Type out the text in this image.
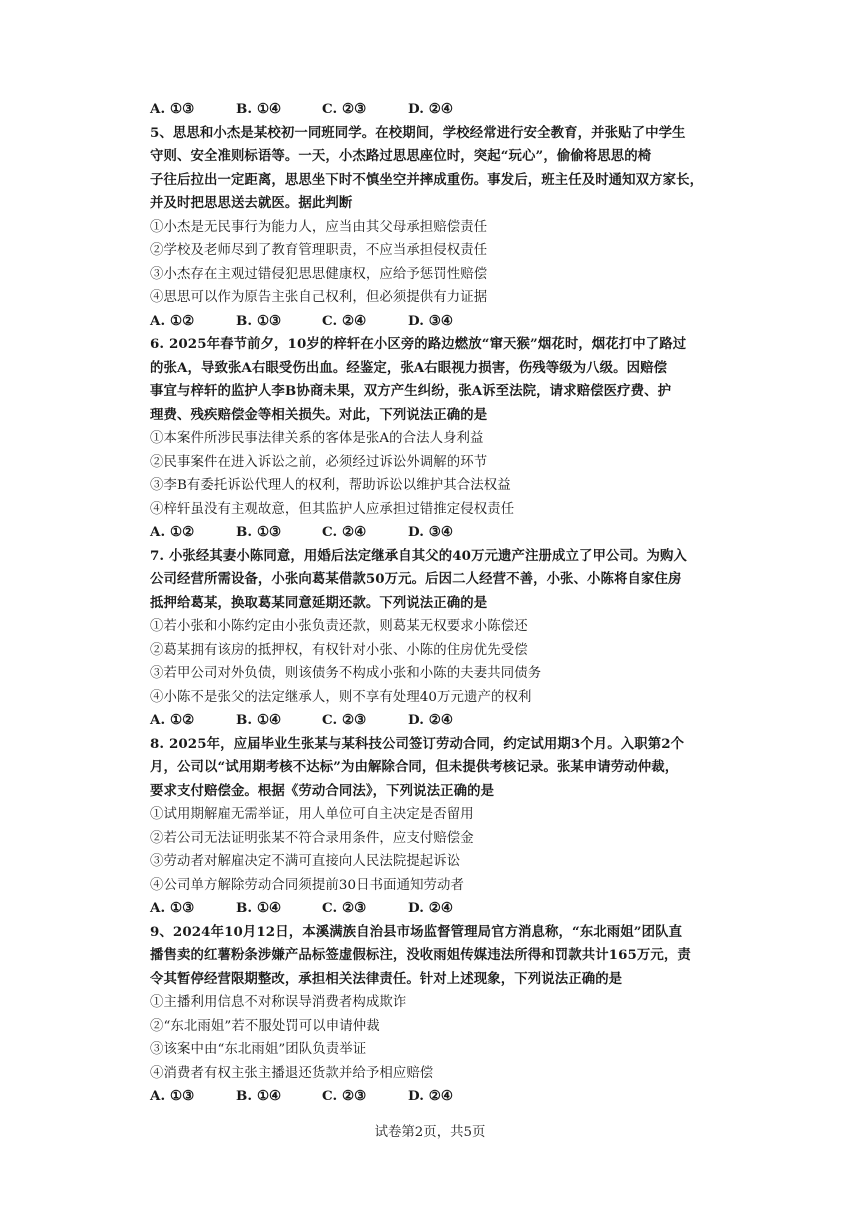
A. ①③	B. ①④	C. ②③	D. ②④
5、思思和小杰是某校初一同班同学。在校期间，学校经常进行安全教育，并张贴了中学生
守则、安全准则标语等。一天，小杰路过思思座位时，突起“玩心”，偷偷将思思的椅
子往后拉出一定距离，思思坐下时不慎坐空并摔成重伤。事发后，班主任及时通知双方家长，
并及时把思思送去就医。据此判断
①小杰是无民事行为能力人，应当由其父母承担赔偿责任
②学校及老师尽到了教育管理职责，不应当承担侵权责任
③小杰存在主观过错侵犯思思健康权，应给予惩罚性赔偿
④思思可以作为原告主张自己权利，但必须提供有力证据
A. ①②	B. ①③	C. ②④	D. ③④
6. 2025年春节前夕，10岁的梓轩在小区旁的路边燃放“窜天猴”烟花时，烟花打中了路过
的张A，导致张A右眼受伤出血。经鉴定，张A右眼视力损害，伤残等级为八级。因赔偿
事宜与梓轩的监护人李B协商未果，双方产生纠纷，张A诉至法院，请求赔偿医疗费、护
理费、残疾赔偿金等相关损失。对此，下列说法正确的是
①本案件所涉民事法律关系的客体是张A的合法人身利益
②民事案件在进入诉讼之前，必须经过诉讼外调解的环节
③李B有委托诉讼代理人的权利，帮助诉讼以维护其合法权益
④梓轩虽没有主观故意，但其监护人应承担过错推定侵权责任
A. ①②	B. ①③	C. ②④	D. ③④
7. 小张经其妻小陈同意，用婚后法定继承自其父的40万元遗产注册成立了甲公司。为购入
公司经营所需设备，小张向葛某借款50万元。后因二人经营不善，小张、小陈将自家住房
抵押给葛某，换取葛某同意延期还款。下列说法正确的是
①若小张和小陈约定由小张负责还款，则葛某无权要求小陈偿还
②葛某拥有该房的抵押权，有权针对小张、小陈的住房优先受偿
③若甲公司对外负债，则该债务不构成小张和小陈的夫妻共同债务
④小陈不是张父的法定继承人，则不享有处理40万元遗产的权利
A. ①②	B. ①④	C. ②③	D. ②④
8. 2025年，应届毕业生张某与某科技公司签订劳动合同，约定试用期3个月。入职第2个
月，公司以“试用期考核不达标”为由解除合同，但未提供考核记录。张某申请劳动仲裁，
要求支付赔偿金。根据《劳动合同法》，下列说法正确的是
①试用期解雇无需举证，用人单位可自主决定是否留用
②若公司无法证明张某不符合录用条件，应支付赔偿金
③劳动者对解雇决定不满可直接向人民法院提起诉讼
④公司单方解除劳动合同须提前30日书面通知劳动者
A. ①③	B. ①④	C. ②③	D. ②④
9、2024年10月12日，本溪满族自治县市场监督管理局官方消息称，“东北雨姐”团队直
播售卖的红薯粉条涉嫌产品标签虚假标注，没收雨姐传媒违法所得和罚款共计165万元，责
令其暂停经营限期整改，承担相关法律责任。针对上述现象，下列说法正确的是
①主播利用信息不对称误导消费者构成欺诈
②“东北雨姐”若不服处罚可以申请仲裁
③该案中由“东北雨姐”团队负责举证
④消费者有权主张主播退还货款并给予相应赔偿
A. ①③	B. ①④	C. ②③	D. ②④
试卷第2页，共5页
